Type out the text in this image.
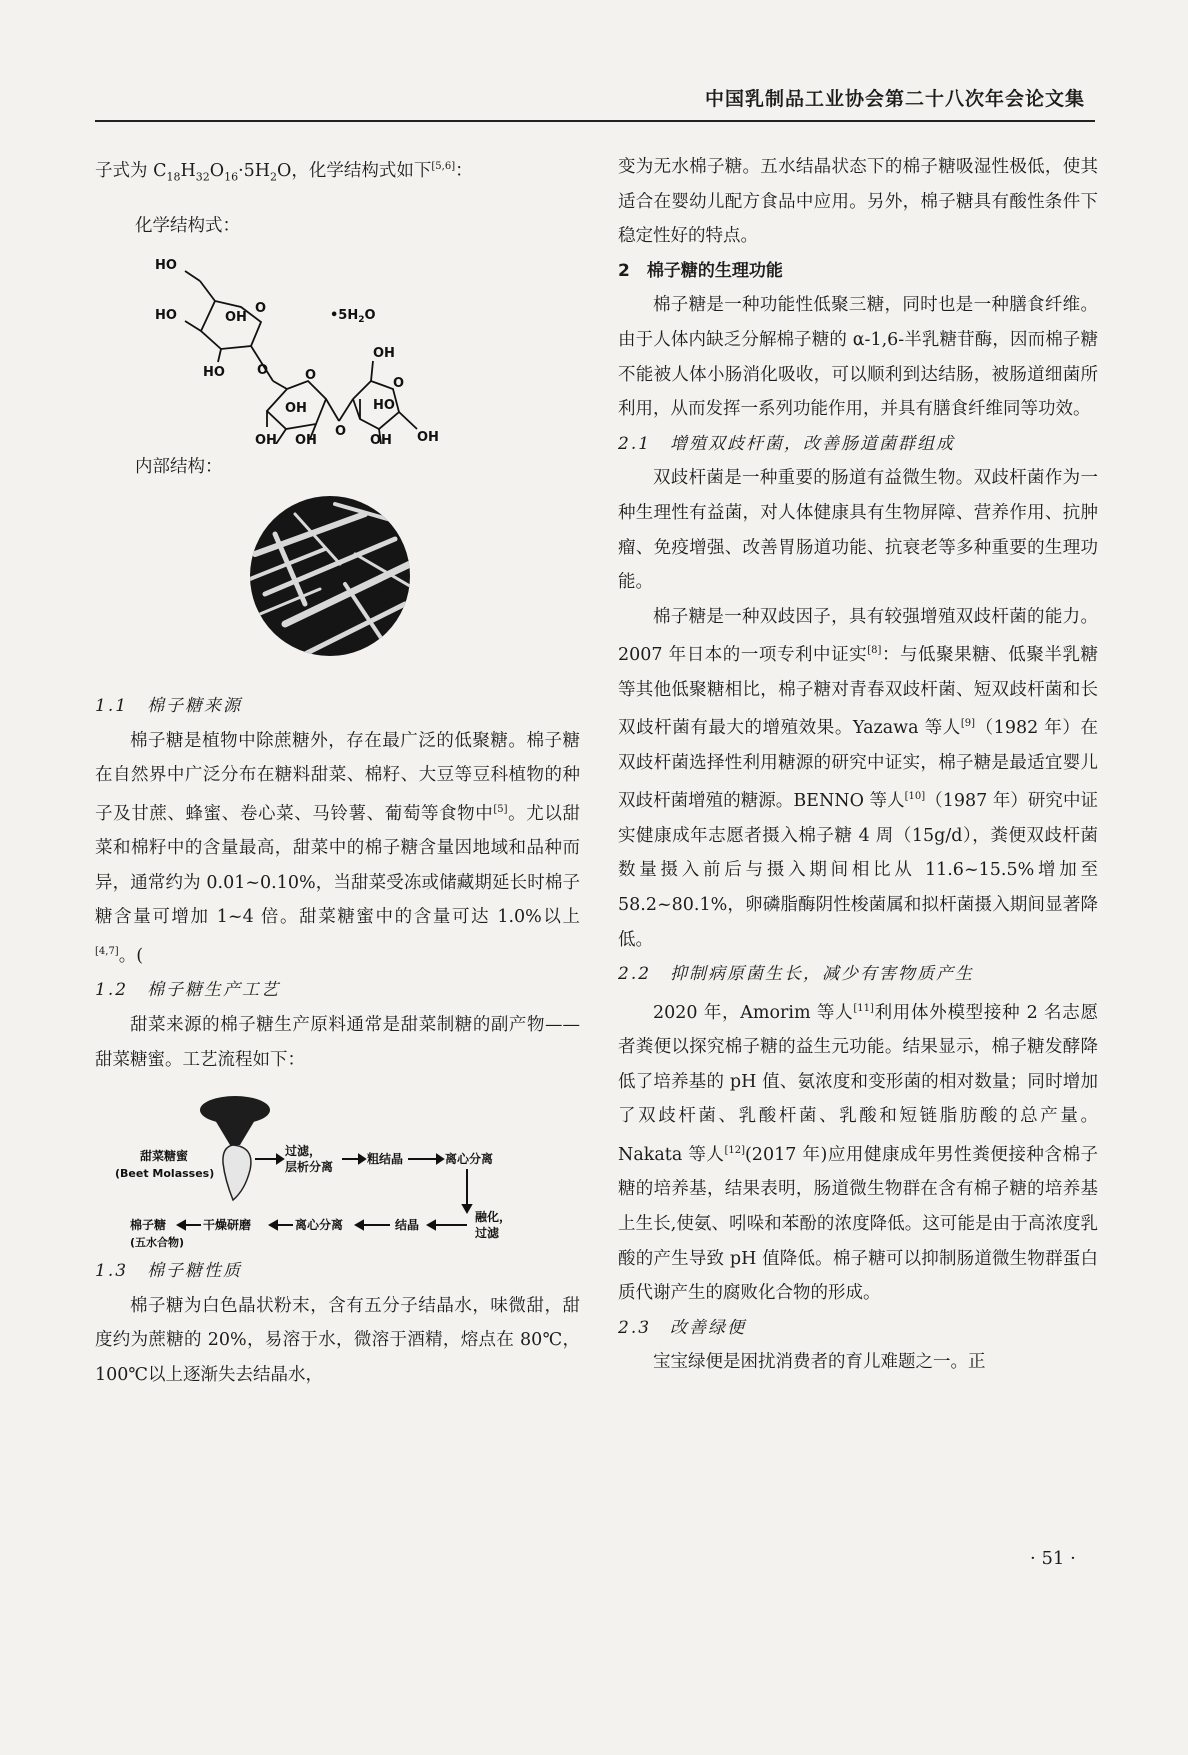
中国乳制品工业协会第二十八次年会论文集

子式为 $C_{18}H_{32}O_{16}\cdot 5H_2O$，化学结构式如下[5,6]：

化学结构式：

HO
HO	OH
O
HO O
$•5H_2O$
OH
O
OH
O
HO
O
OH OH	OH OH

内部结构：

1.1　棉子糖来源

棉子糖是植物中除蔗糖外，存在最广泛的低聚糖。棉子糖在自然界中广泛分布在糖料甜菜、棉籽、大豆等豆科植物的种子及甘蔗、蜂蜜、卷心菜、马铃薯、葡萄等食物中[5]。尤以甜菜和棉籽中的含量最高，甜菜中的棉子糖含量因地域和品种而异，通常约为 0.01~0.10%，当甜菜受冻或储藏期延长时棉子糖含量可增加 1~4 倍。甜菜糖蜜中的含量可达 1.0%以上[4,7]。(

1.2　棉子糖生产工艺

甜菜来源的棉子糖生产原料通常是甜菜制糖的副产物——甜菜糖蜜。工艺流程如下：

甜菜糖蜜
(Beet Molasses)
过滤，
层析分离
粗结晶	离心分离
融化，
过滤
结晶
离心分离
干燥研磨
棉子糖
(五水合物)

1.3　棉子糖性质

棉子糖为白色晶状粉末，含有五分子结晶水，味微甜，甜度约为蔗糖的 20%，易溶于水，微溶于酒精，熔点在 80℃，100℃以上逐渐失去结晶水，

变为无水棉子糖。五水结晶状态下的棉子糖吸湿性极低，使其适合在婴幼儿配方食品中应用。另外，棉子糖具有酸性条件下稳定性好的特点。

2　棉子糖的生理功能

棉子糖是一种功能性低聚三糖，同时也是一种膳食纤维。由于人体内缺乏分解棉子糖的 α-1,6-半乳糖苷酶，因而棉子糖不能被人体小肠消化吸收，可以顺利到达结肠，被肠道细菌所利用，从而发挥一系列功能作用，并具有膳食纤维同等功效。

2.1　增殖双歧杆菌，改善肠道菌群组成

双歧杆菌是一种重要的肠道有益微生物。双歧杆菌作为一种生理性有益菌，对人体健康具有生物屏障、营养作用、抗肿瘤、免疫增强、改善胃肠道功能、抗衰老等多种重要的生理功能。

棉子糖是一种双歧因子，具有较强增殖双歧杆菌的能力。2007 年日本的一项专利中证实[8]：与低聚果糖、低聚半乳糖等其他低聚糖相比，棉子糖对青春双歧杆菌、短双歧杆菌和长双歧杆菌有最大的增殖效果。Yazawa 等人[9]（1982 年）在双歧杆菌选择性利用糖源的研究中证实，棉子糖是最适宜婴儿双歧杆菌增殖的糖源。BENNO 等人[10]（1987 年）研究中证实健康成年志愿者摄入棉子糖 4 周（15g/d），粪便双歧杆菌数量摄入前后与摄入期间相比从 11.6~15.5%增加至 58.2~80.1%，卵磷脂酶阴性梭菌属和拟杆菌摄入期间显著降低。

2.2　抑制病原菌生长，减少有害物质产生

2020 年，Amorim 等人[11]利用体外模型接种 2 名志愿者粪便以探究棉子糖的益生元功能。结果显示，棉子糖发酵降低了培养基的 pH 值、氨浓度和变形菌的相对数量；同时增加了双歧杆菌、乳酸杆菌、乳酸和短链脂肪酸的总产量。Nakata 等人[12](2017 年)应用健康成年男性粪便接种含棉子糖的培养基，结果表明，肠道微生物群在含有棉子糖的培养基上生长,使氨、吲哚和苯酚的浓度降低。这可能是由于高浓度乳酸的产生导致 pH 值降低。棉子糖可以抑制肠道微生物群蛋白质代谢产生的腐败化合物的形成。

2.3　改善绿便

宝宝绿便是困扰消费者的育儿难题之一。正

· 51 ·
